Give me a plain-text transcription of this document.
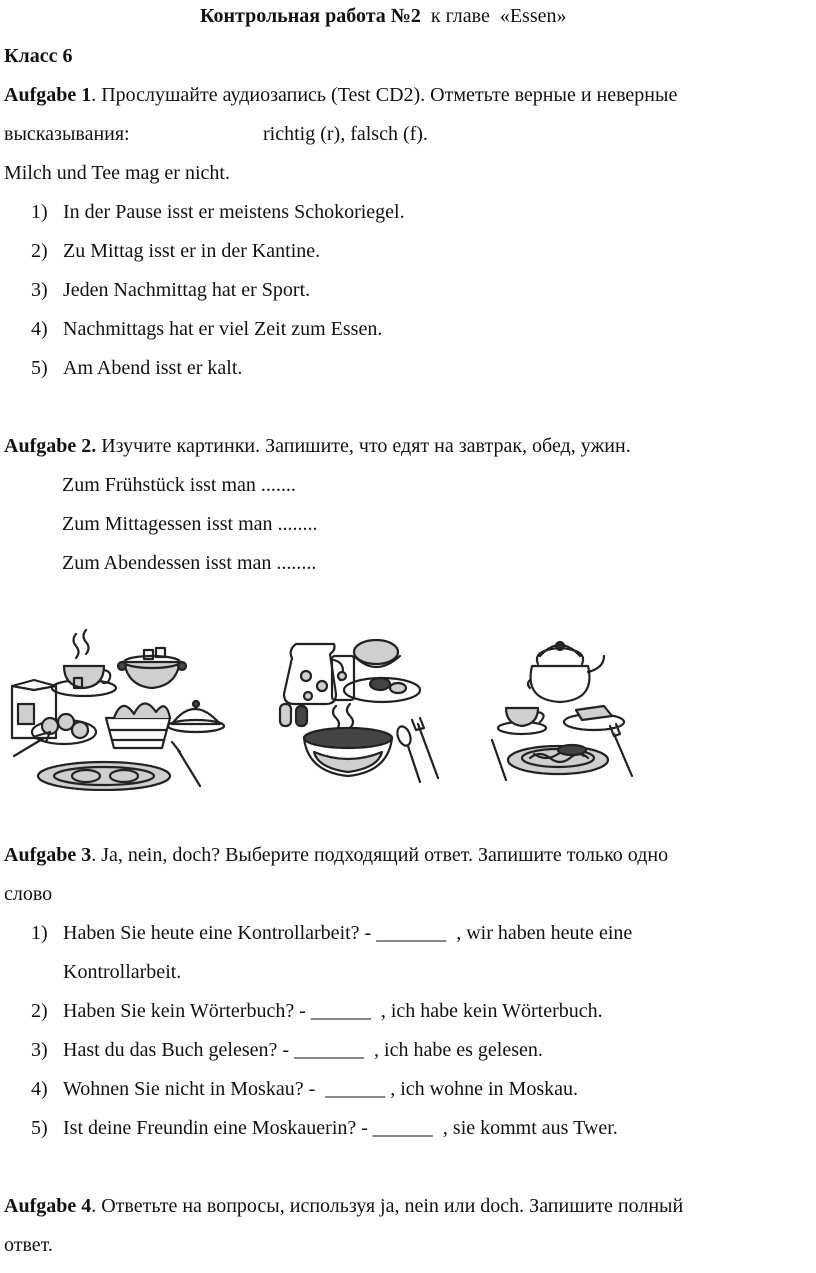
Контрольная работа №2  к главе  «Essen»
Класс 6
Aufgabe 1. Прослушайте аудиозапись (Test CD2). Отметьте верные и неверные
высказывания:	richtig (r), falsch (f).
Milch und Tee mag er nicht.
1) In der Pause isst er meistens Schokoriegel.
2) Zu Mittag isst er in der Kantine.
3) Jeden Nachmittag hat er Sport.
4) Nachmittags hat er viel Zeit zum Essen.
5) Am Abend isst er kalt.
Aufgabe 2. Изучите картинки. Запишите, что едят на завтрак, обед, ужин.
Zum Frühstück isst man .......
Zum Mittagessen isst man ........
Zum Abendessen isst man ........
Aufgabe 3. Ja, nein, doch? Выберите подходящий ответ. Запишите только одно
слово
1) Haben Sie heute eine Kontrollarbeit? - _______  , wir haben heute eine
Kontrollarbeit.
2) Haben Sie kein Wörterbuch? - ______  , ich habe kein Wörterbuch.
3) Hast du das Buch gelesen? - _______  , ich habe es gelesen.
4) Wohnen Sie nicht in Moskau? -  ______ , ich wohne in Moskau.
5) Ist deine Freundin eine Moskauerin? - ______  , sie kommt aus Twer.
Aufgabe 4. Ответьте на вопросы, используя ja, nein или doch. Запишите полный
ответ.
